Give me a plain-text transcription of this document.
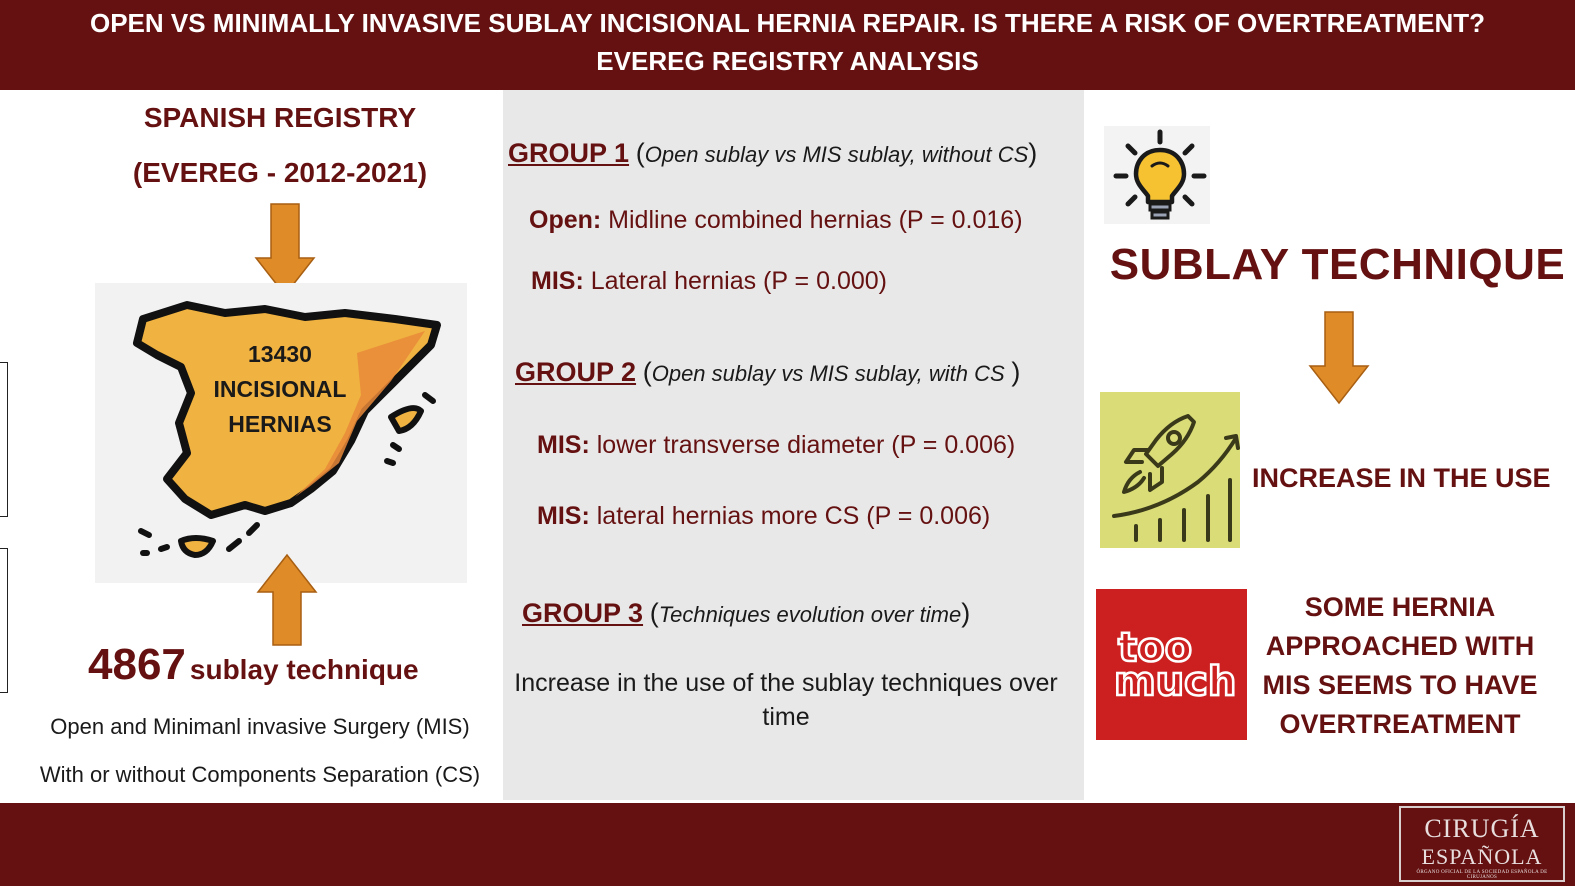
OPEN VS MINIMALLY INVASIVE SUBLAY INCISIONAL HERNIA REPAIR. IS THERE A RISK OF OVERTREATMENT?
EVEREG REGISTRY ANALYSIS
SPANISH REGISTRY
(EVEREG - 2012-2021)
13430
INCISIONAL
HERNIAS
4867 sublay technique
Open and Minimanl invasive Surgery (MIS)
With or without Components Separation (CS)
GROUP 1 (Open sublay vs MIS sublay, without CS)
Open: Midline combined hernias (P = 0.016)
MIS: Lateral hernias (P = 0.000)
GROUP 2 (Open sublay vs MIS sublay, with CS )
MIS: lower transverse diameter (P = 0.006)
MIS: lateral hernias more CS (P = 0.006)
GROUP 3 (Techniques evolution over time)
Increase in the use of the sublay techniques over time
SUBLAY TECHNIQUE
INCREASE IN THE USE
too
much
SOME HERNIA
APPROACHED WITH
MIS SEEMS TO HAVE
OVERTREATMENT
CIRUGÍA
ESPAÑOLA
ÓRGANO OFICIAL DE LA SOCIEDAD ESPAÑOLA DE CIRUJANOS
